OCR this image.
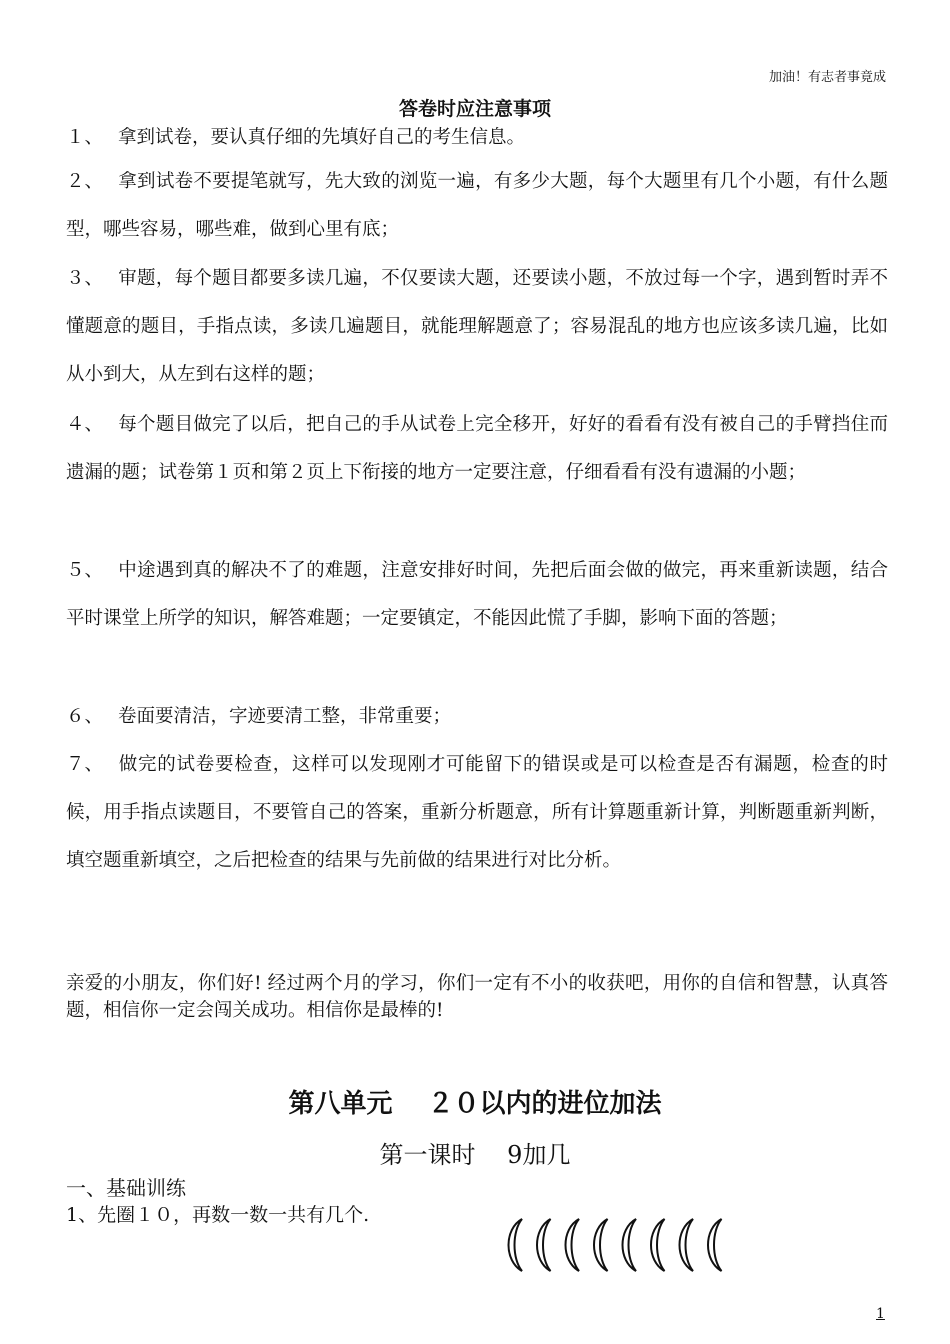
加油！有志者事竟成
答卷时应注意事项
１、 拿到试卷，要认真仔细的先填好自己的考生信息。
２、 拿到试卷不要提笔就写，先大致的浏览一遍，有多少大题，每个大题里有几个小题，有什么题型，哪些容易，哪些难，做到心里有底；
３、 审题，每个题目都要多读几遍，不仅要读大题，还要读小题，不放过每一个字，遇到暂时弄不懂题意的题目，手指点读，多读几遍题目，就能理解题意了；容易混乱的地方也应该多读几遍，比如从小到大，从左到右这样的题；
４、 每个题目做完了以后，把自己的手从试卷上完全移开，好好的看看有没有被自己的手臂挡住而遗漏的题；试卷第１页和第２页上下衔接的地方一定要注意，仔细看看有没有遗漏的小题；
５、 中途遇到真的解决不了的难题，注意安排好时间，先把后面会做的做完，再来重新读题，结合平时课堂上所学的知识，解答难题；一定要镇定，不能因此慌了手脚，影响下面的答题；
６、 卷面要清洁，字迹要清工整，非常重要；
７、 做完的试卷要检查，这样可以发现刚才可能留下的错误或是可以检查是否有漏题，检查的时候，用手指点读题目，不要管自己的答案，重新分析题意，所有计算题重新计算，判断题重新判断，填空题重新填空，之后把检查的结果与先前做的结果进行对比分析。
亲爱的小朋友，你们好! 经过两个月的学习，你们一定有不小的收获吧，用你的自信和智慧，认真答题，相信你一定会闯关成功。相信你是最棒的!
第八单元　 ２０以内的进位加法
第一课时　 9加几
一、基础训练
1、先圈１０，再数一数一共有几个.
1
